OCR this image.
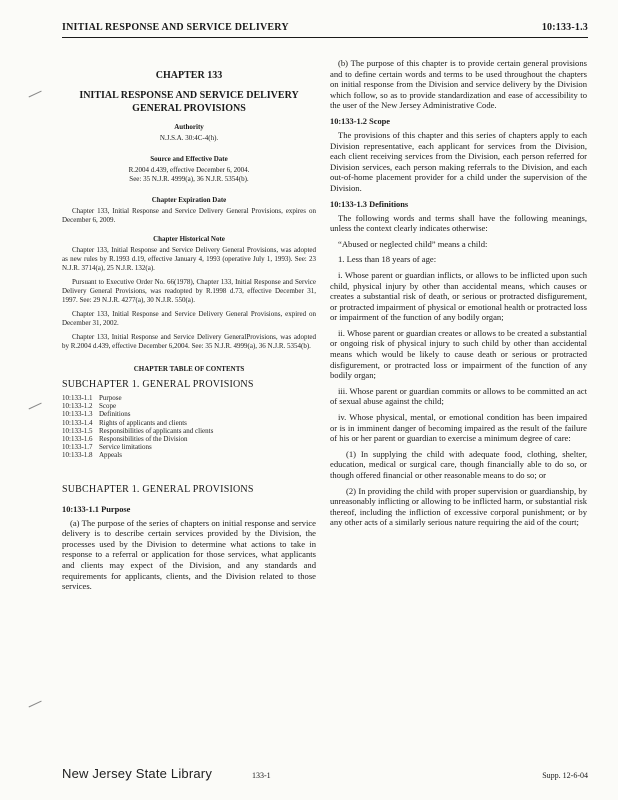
INITIAL RESPONSE AND SERVICE DELIVERY	10:133-1.3
CHAPTER 133
INITIAL RESPONSE AND SERVICE DELIVERY
GENERAL PROVISIONS
Authority
N.J.S.A. 30:4C-4(h).
Source and Effective Date
R.2004 d.439, effective December 6, 2004.
See: 35 N.J.R. 4999(a), 36 N.J.R. 5354(b).
Chapter Expiration Date

Chapter 133, Initial Response and Service Delivery General Provisions, expires on December 6, 2009.

Chapter Historical Note

Chapter 133, Initial Response and Service Delivery General Provisions, was adopted as new rules by R.1993 d.19, effective January 4, 1993 (operative July 1, 1993). See: 23 N.J.R. 3714(a), 25 N.J.R. 132(a).

Pursuant to Executive Order No. 66(1978), Chapter 133, Initial Response and Service Delivery General Provisions, was readopted by R.1998 d.73, effective December 31, 1997. See: 29 N.J.R. 4277(a), 30 N.J.R. 550(a).

Chapter 133, Initial Response and Service Delivery General Provisions, expired on December 31, 2002.

Chapter 133, Initial Response and Service Delivery GeneralProvisions, was adopted by R.2004 d.439, effective December 6,2004. See: 35 N.J.R. 4999(a), 36 N.J.R. 5354(b).

CHAPTER TABLE OF CONTENTS
SUBCHAPTER 1. GENERAL PROVISIONS
10:133-1.1 Purpose
10:133-1.2 Scope
10:133-1.3 Definitions
10:133-1.4 Rights of applicants and clients
10:133-1.5 Responsibilities of applicants and clients
10:133-1.6 Responsibilities of the Division
10:133-1.7 Service limitations
10:133-1.8 Appeals
SUBCHAPTER 1. GENERAL PROVISIONS
10:133-1.1 Purpose

(a) The purpose of the series of chapters on initial response and service delivery is to describe certain services provided by the Division, the processes used by the Division to determine what actions to take in response to a referral or application for those services, what applicants and clients may expect of the Division, and any standards and requirements for applicants, clients, and the Division related to those services.

(b) The purpose of this chapter is to provide certain general provisions and to define certain words and terms to be used throughout the chapters on initial response from the Division and service delivery by the Division which follow, so as to provide standardization and ease of accessibility to the user of the New Jersey Administrative Code.

10:133-1.2 Scope

The provisions of this chapter and this series of chapters apply to each Division representative, each applicant for services from the Division, each client receiving services from the Division, each person referred for Division services, each person making referrals to the Division, and each out-of-home placement provider for a child under the supervision of the Division.

10:133-1.3 Definitions

The following words and terms shall have the following meanings, unless the context clearly indicates otherwise:

“Abused or neglected child” means a child:

1. Less than 18 years of age:

i. Whose parent or guardian inflicts, or allows to be inflicted upon such child, physical injury by other than accidental means, which causes or creates a substantial risk of death, or serious or protracted disfigurement, or protracted impairment of physical or emotional health or protracted loss or impairment of the function of any bodily organ;

ii. Whose parent or guardian creates or allows to be created a substantial or ongoing risk of physical injury to such child by other than accidental means which would be likely to cause death or serious or protracted disfigurement, or protracted loss or impairment of the function of any bodily organ;

iii. Whose parent or guardian commits or allows to be committed an act of sexual abuse against the child;

iv. Whose physical, mental, or emotional condition has been impaired or is in imminent danger of becoming impaired as the result of the failure of his or her parent or guardian to exercise a minimum degree of care:

(1) In supplying the child with adequate food, clothing, shelter, education, medical or surgical care, though financially able to do so, or though offered financial or other reasonable means to do so; or

(2) In providing the child with proper supervision or guardianship, by unreasonably inflicting or allowing to be inflicted harm, or substantial risk thereof, including the infliction of excessive corporal punishment; or by any other acts of a similarly serious nature requiring the aid of the court;

New Jersey State Library	133-1	Supp. 12-6-04
